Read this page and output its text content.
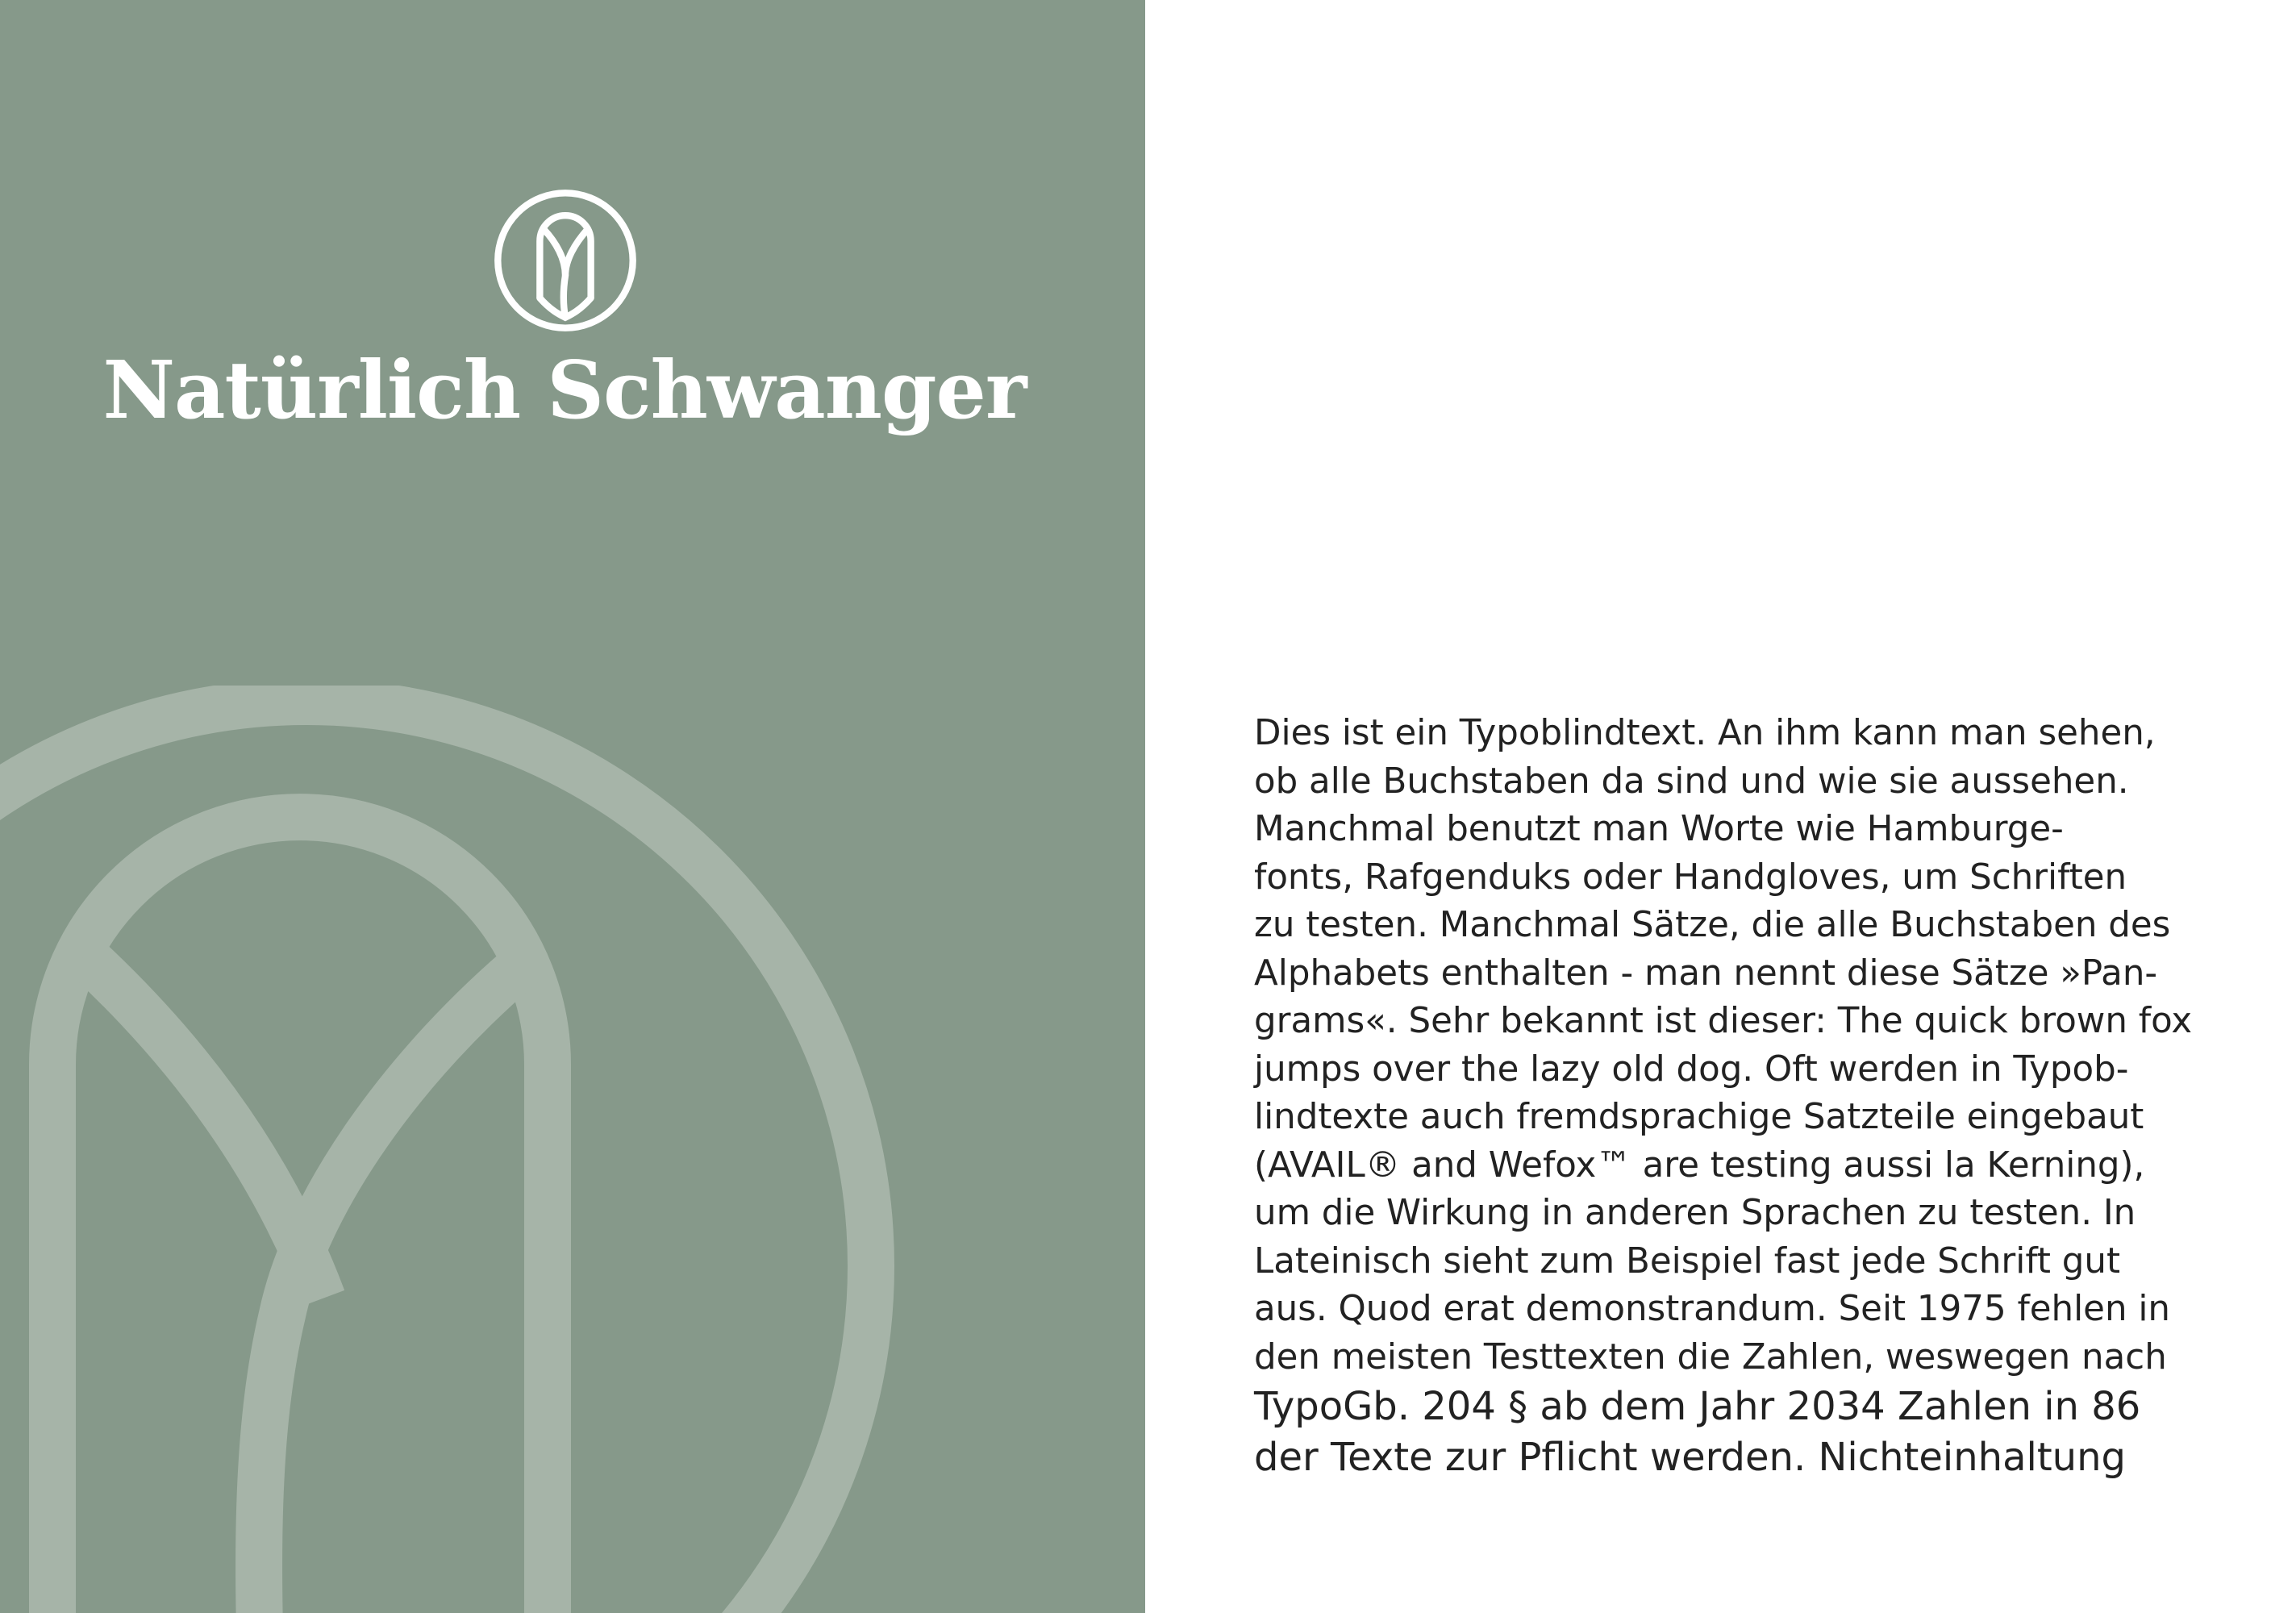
Natürlich Schwanger
Dies ist ein Typoblindtext. An ihm kann man sehen,
ob alle Buchstaben da sind und wie sie aussehen.
Manchmal benutzt man Worte wie Hamburge-
fonts, Rafgenduks oder Handgloves, um Schriften
zu testen. Manchmal Sätze, die alle Buchstaben des
Alphabets enthalten - man nennt diese Sätze »Pan-
grams«. Sehr bekannt ist dieser: The quick brown fox
jumps over the lazy old dog. Oft werden in Typob-
lindtexte auch fremdsprachige Satzteile eingebaut
(AVAIL® and Wefox™ are testing aussi la Kerning),
um die Wirkung in anderen Sprachen zu testen. In
Lateinisch sieht zum Beispiel fast jede Schrift gut
aus. Quod erat demonstrandum. Seit 1975 fehlen in
den meisten Testtexten die Zahlen, weswegen nach
TypoGb. 204 § ab dem Jahr 2034 Zahlen in 86
der Texte zur Pflicht werden. Nichteinhaltung
